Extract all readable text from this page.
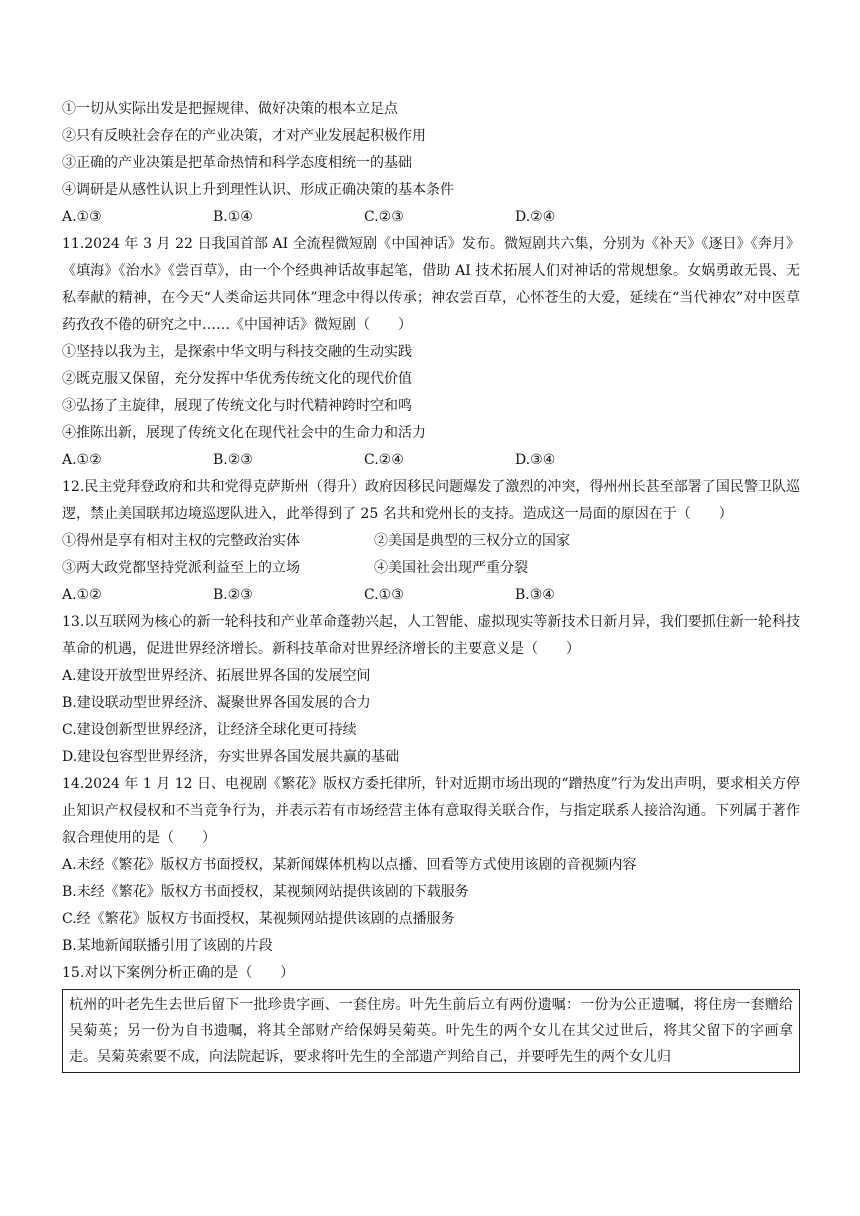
①一切从实际出发是把握规律、做好决策的根本立足点
②只有反映社会存在的产业决策，才对产业发展起积极作用
③正确的产业决策是把革命热情和科学态度相统一的基础
④调研是从感性认识上升到理性认识、形成正确决策的基本条件
A.①③	B.①④	C.②③	D.②④
11.2024 年 3 月 22 日我国首部 AI 全流程微短剧《中国神话》发布。微短剧共六集，分别为《补天》《逐日》《奔月》《填海》《治水》《尝百草》，由一个个经典神话故事起笔，借助 AI 技术拓展人们对神话的常规想象。女娲勇敢无畏、无私奉献的精神，在今天“人类命运共同体”理念中得以传承；神农尝百草，心怀苍生的大爱，延续在“当代神农”对中医草药孜孜不倦的研究之中……《中国神话》微短剧（　　）
①坚持以我为主，是探索中华文明与科技交融的生动实践
②既克服又保留，充分发挥中华优秀传统文化的现代价值
③弘扬了主旋律，展现了传统文化与时代精神跨时空和鸣
④推陈出新，展现了传统文化在现代社会中的生命力和活力
A.①②	B.②③	C.②④	D.③④
12.民主党拜登政府和共和党得克萨斯州（得升）政府因移民问题爆发了激烈的冲突，得州州长甚至部署了国民警卫队巡逻，禁止美国联邦边境巡逻队进入，此举得到了 25 名共和党州长的支持。造成这一局面的原因在于（　　）
①得州是享有相对主权的完整政治实体	②美国是典型的三权分立的国家
③两大政党都坚持党派利益至上的立场	④美国社会出现严重分裂
A.①②	B.②③	C.①③	B.③④
13.以互联网为核心的新一轮科技和产业革命蓬勃兴起，人工智能、虚拟现实等新技术日新月异，我们要抓住新一轮科技革命的机遇，促进世界经济增长。新科技革命对世界经济增长的主要意义是（　　）
A.建设开放型世界经济、拓展世界各国的发展空间
B.建设联动型世界经济、凝聚世界各国发展的合力
C.建设创新型世界经济，让经济全球化更可持续
D.建设包容型世界经济，夯实世界各国发展共赢的基础
14.2024 年 1 月 12 日、电视剧《繁花》版权方委托律所，针对近期市场出现的“蹭热度”行为发出声明，要求相关方停止知识产权侵权和不当竞争行为，并表示若有市场经营主体有意取得关联合作，与指定联系人接洽沟通。下列属于著作叙合理使用的是（　　）
A.未经《繁花》版权方书面授权，某新闻媒体机构以点播、回看等方式使用该剧的音视频内容
B.未经《繁花》版权方书面授权，某视频网站提供该剧的下载服务
C.经《繁花》版权方书面授权，某视频网站提供该剧的点播服务
B.某地新闻联播引用了该剧的片段
15.对以下案例分析正确的是（　　）
杭州的叶老先生去世后留下一批珍贵字画、一套住房。叶先生前后立有两份遗嘱：一份为公正遗嘱，将住房一套赠给吴菊英；另一份为自书遗嘱，将其全部财产给保姆吴菊英。叶先生的两个女儿在其父过世后，将其父留下的字画拿走。吴菊英索要不成，向法院起诉，要求将叶先生的全部遗产判给自己，并要呼先生的两个女儿归
